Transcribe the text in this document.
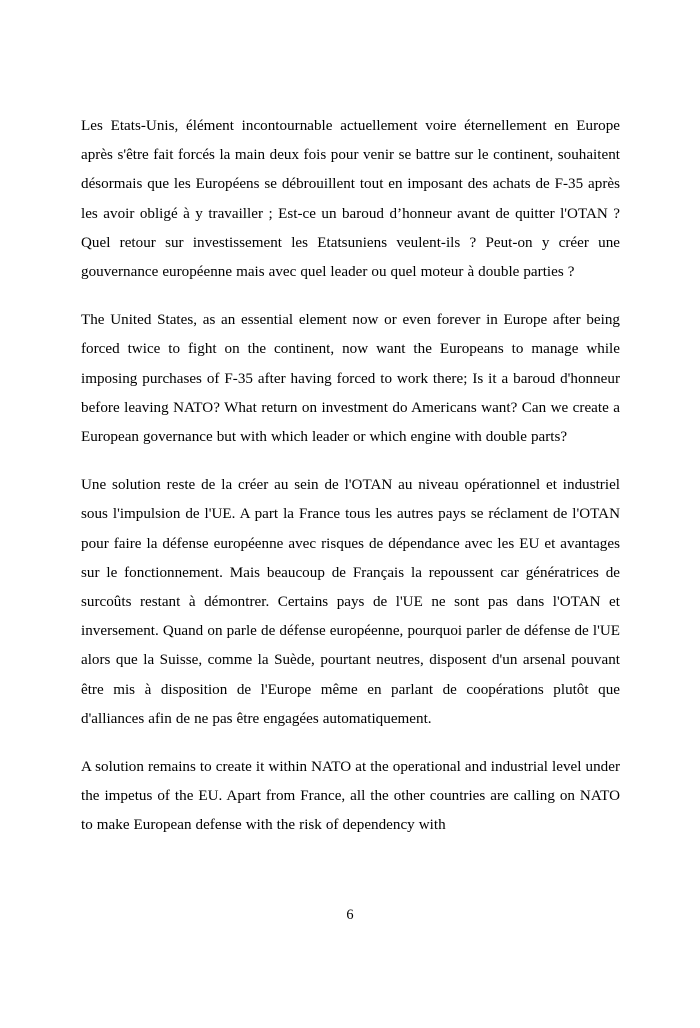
Les Etats-Unis, élément incontournable actuellement voire éternellement en Europe après s'être fait forcés la main deux fois pour venir se battre sur le continent, souhaitent désormais que les Européens se débrouillent tout en imposant des achats de F-35 après les avoir obligé à y travailler ; Est-ce un baroud d’honneur avant de quitter l'OTAN ? Quel retour sur investissement les Etatsuniens veulent-ils ? Peut-on y créer une gouvernance européenne mais avec quel leader ou quel moteur à double parties ?

The United States, as an essential element now or even forever in Europe after being forced twice to fight on the continent, now want the Europeans to manage while imposing purchases of F-35 after having forced to work there; Is it a baroud d'honneur before leaving NATO? What return on investment do Americans want? Can we create a European governance but with which leader or which engine with double parts?

Une solution reste de la créer au sein de l'OTAN au niveau opérationnel et industriel sous l'impulsion de l'UE. A part la France tous les autres pays se réclament de l'OTAN pour faire la défense européenne avec risques de dépendance avec les EU et avantages sur le fonctionnement. Mais beaucoup de Français la repoussent car génératrices de surcoûts restant à démontrer. Certains pays de l'UE ne sont pas dans l'OTAN et inversement. Quand on parle de défense européenne, pourquoi parler de défense de l'UE alors que la Suisse, comme la Suède, pourtant neutres, disposent d'un arsenal pouvant être mis à disposition de l'Europe même en parlant de coopérations plutôt que d'alliances afin de ne pas être engagées automatiquement.

A solution remains to create it within NATO at the operational and industrial level under the impetus of the EU. Apart from France, all the other countries are calling on NATO to make European defense with the risk of dependency with

6
